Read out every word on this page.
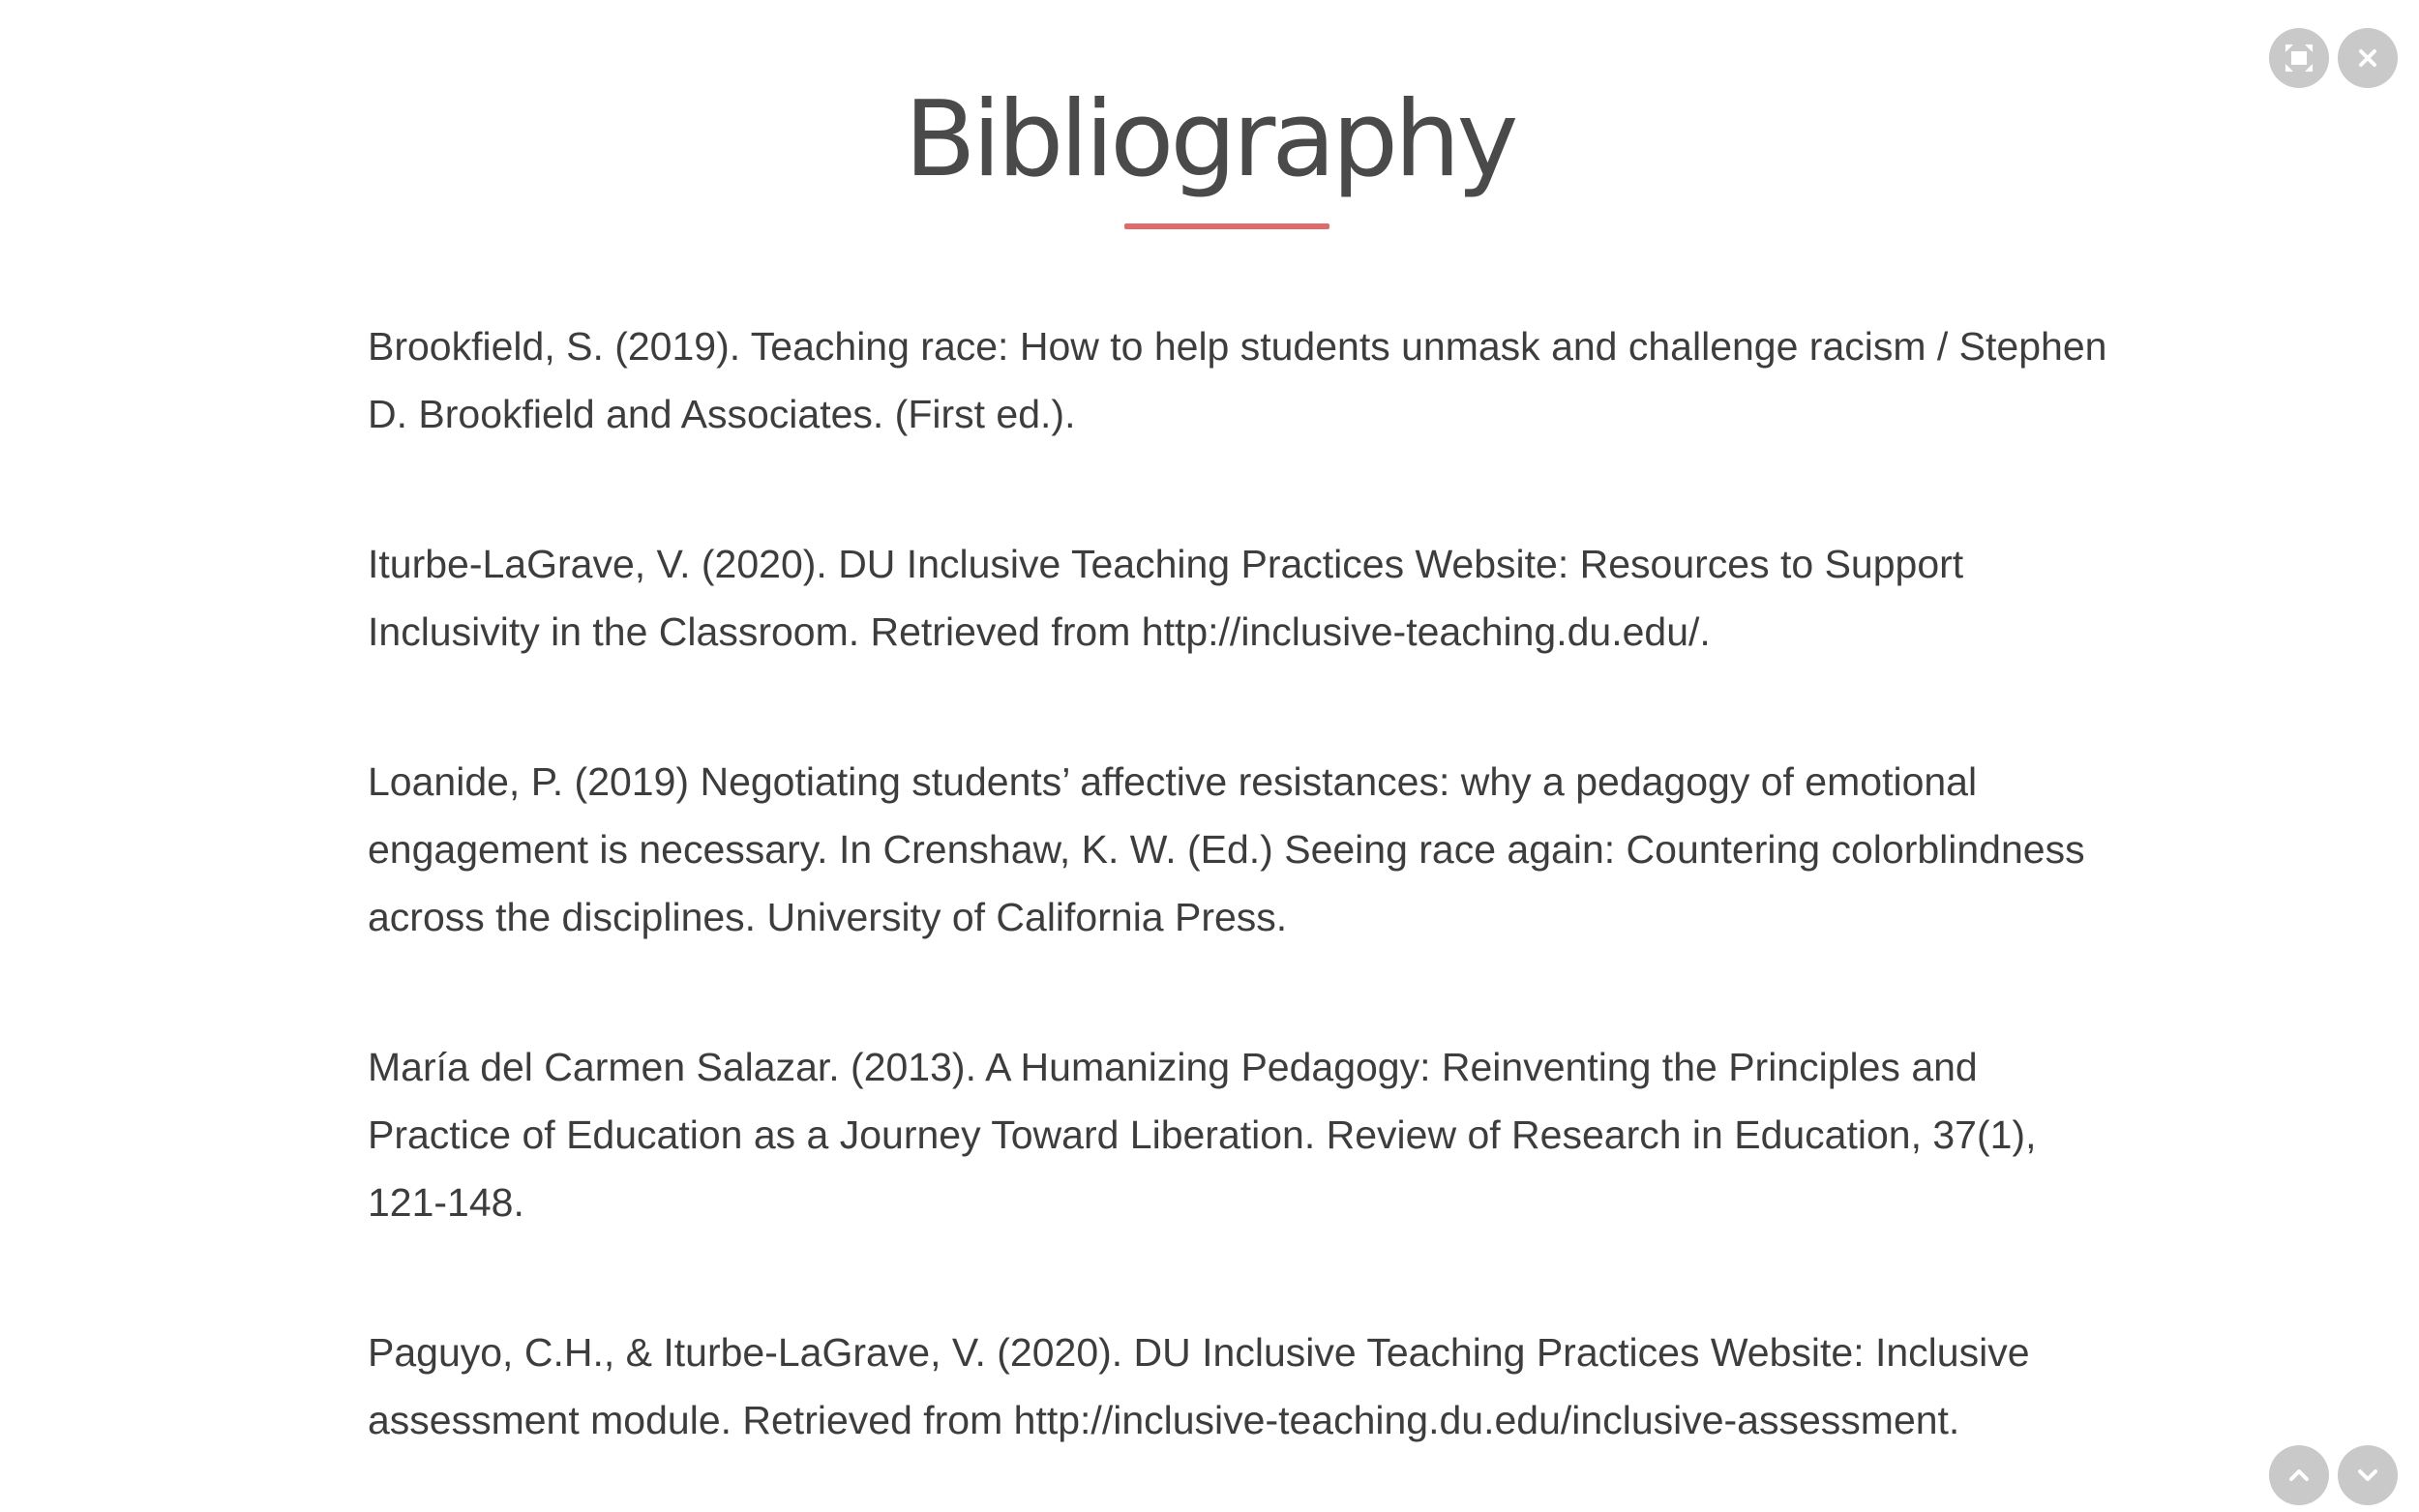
Bibliography
Brookfield, S. (2019). Teaching race: How to help students unmask and challenge racism / Stephen D. Brookfield and Associates. (First ed.).
Iturbe-LaGrave, V. (2020). DU Inclusive Teaching Practices Website: Resources to Support Inclusivity in the Classroom. Retrieved from http://inclusive-teaching.du.edu/.
Loanide, P. (2019) Negotiating students’ affective resistances: why a pedagogy of emotional engagement is necessary. In Crenshaw, K. W. (Ed.) Seeing race again: Countering colorblindness across the disciplines. University of California Press.
María del Carmen Salazar. (2013). A Humanizing Pedagogy: Reinventing the Principles and Practice of Education as a Journey Toward Liberation. Review of Research in Education, 37(1), 121-148.
Paguyo, C.H., & Iturbe-LaGrave, V. (2020). DU Inclusive Teaching Practices Website: Inclusive assessment module. Retrieved from http://inclusive-teaching.du.edu/inclusive-assessment.
